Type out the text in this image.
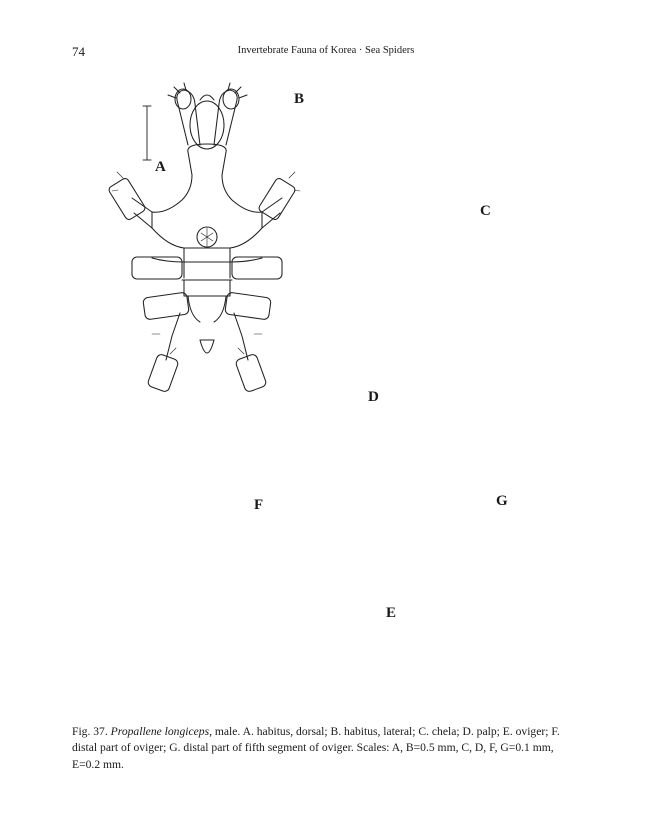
74	Invertebrate Fauna of Korea · Sea Spiders
A
B
C
D
E
F	G
Fig. 37. Propallene longiceps, male. A. habitus, dorsal; B. habitus, lateral; C. chela; D. palp; E. oviger; F. distal part of oviger; G. distal part of fifth segment of oviger. Scales: A, B=0.5 mm, C, D, F, G=0.1 mm, E=0.2 mm.
